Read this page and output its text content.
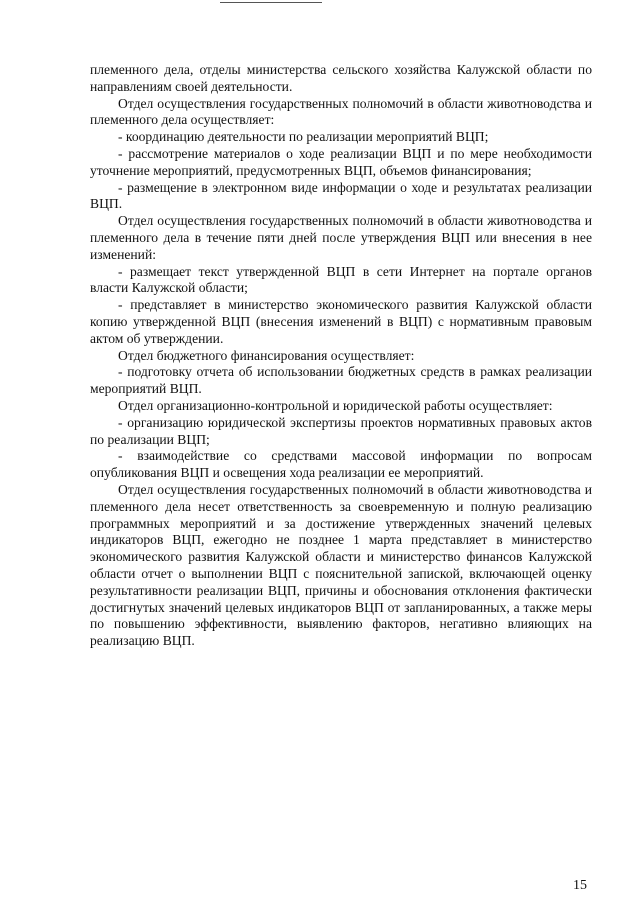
племенного дела, отделы министерства сельского хозяйства Калужской области по направлениям своей деятельности.

Отдел осуществления государственных полномочий в области животноводства и племенного дела осуществляет:

- координацию деятельности по реализации мероприятий ВЦП;

- рассмотрение материалов о ходе реализации ВЦП и по мере необходимости уточнение мероприятий, предусмотренных ВЦП, объемов финансирования;

- размещение в электронном виде информации о ходе и результатах реализации ВЦП.

Отдел осуществления государственных полномочий в области животноводства и племенного дела в течение пяти дней после утверждения ВЦП или внесения в нее изменений:

- размещает текст утвержденной ВЦП в сети Интернет на портале органов власти Калужской области;

- представляет в министерство экономического развития Калужской области копию утвержденной ВЦП (внесения изменений в ВЦП) с нормативным правовым актом об утверждении.

Отдел бюджетного финансирования осуществляет:

- подготовку отчета об использовании бюджетных средств в рамках реализации мероприятий ВЦП.

Отдел организационно-контрольной и юридической работы осуществляет:

- организацию юридической экспертизы проектов нормативных правовых актов по реализации ВЦП;

- взаимодействие со средствами массовой информации по вопросам опубликования ВЦП и освещения хода реализации ее мероприятий.

Отдел осуществления государственных полномочий в области животноводства и племенного дела несет ответственность за своевременную и полную реализацию программных мероприятий и за достижение утвержденных значений целевых индикаторов ВЦП, ежегодно не позднее 1 марта представляет в министерство экономического развития Калужской области и министерство финансов Калужской области отчет о выполнении ВЦП с пояснительной запиской, включающей оценку результативности реализации ВЦП, причины и обоснования отклонения фактически достигнутых значений целевых индикаторов ВЦП от запланированных, а также меры по повышению эффективности, выявлению факторов, негативно влияющих на реализацию ВЦП.

15
